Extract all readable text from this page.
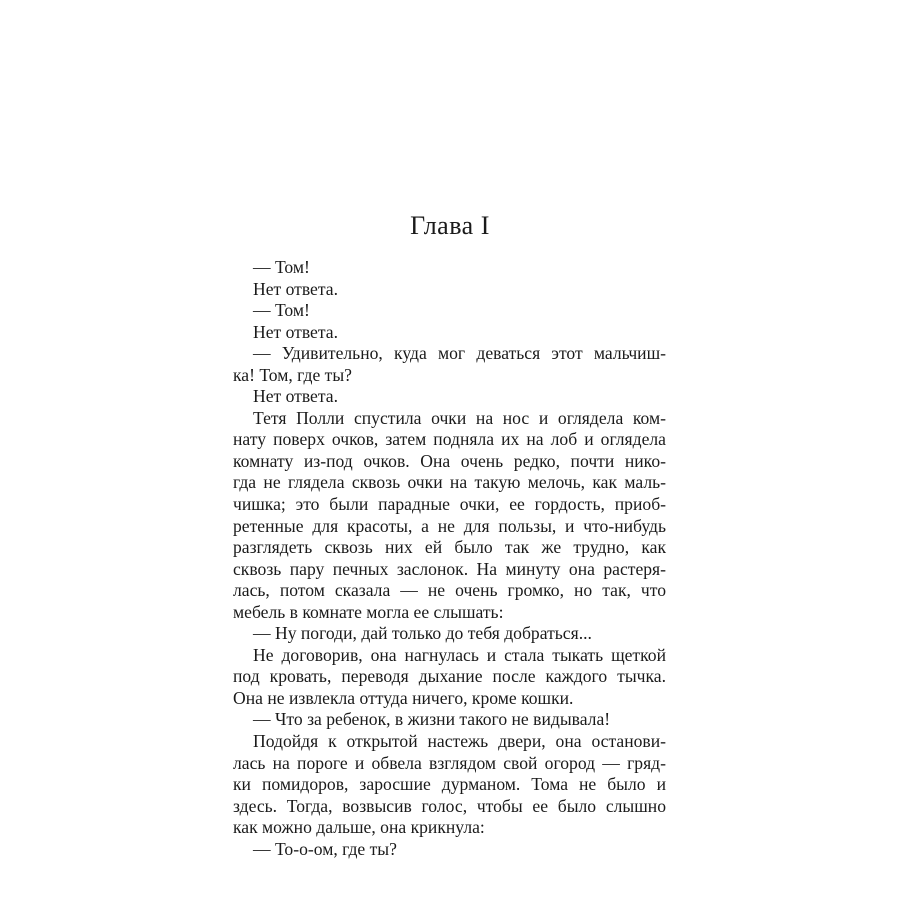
Глава I
— Том!
Нет ответа.
— Том!
Нет ответа.
— Удивительно, куда мог деваться этот мальчиш-
ка! Том, где ты?
Нет ответа.
Тетя Полли спустила очки на нос и оглядела ком-
нату поверх очков, затем подняла их на лоб и оглядела
комнату из-под очков. Она очень редко, почти нико-
гда не глядела сквозь очки на такую мелочь, как маль-
чишка; это были парадные очки, ее гордость, приоб-
ретенные для красоты, а не для пользы, и что-нибудь
разглядеть сквозь них ей было так же трудно, как
сквозь пару печных заслонок. На минуту она растеря-
лась, потом сказала — не очень громко, но так, что
мебель в комнате могла ее слышать:
— Ну погоди, дай только до тебя добраться...
Не договорив, она нагнулась и стала тыкать щеткой
под кровать, переводя дыхание после каждого тычка.
Она не извлекла оттуда ничего, кроме кошки.
— Что за ребенок, в жизни такого не видывала!
Подойдя к открытой настежь двери, она останови-
лась на пороге и обвела взглядом свой огород — гряд-
ки помидоров, заросшие дурманом. Тома не было и
здесь. Тогда, возвысив голос, чтобы ее было слышно
как можно дальше, она крикнула:
— То-о-ом, где ты?
